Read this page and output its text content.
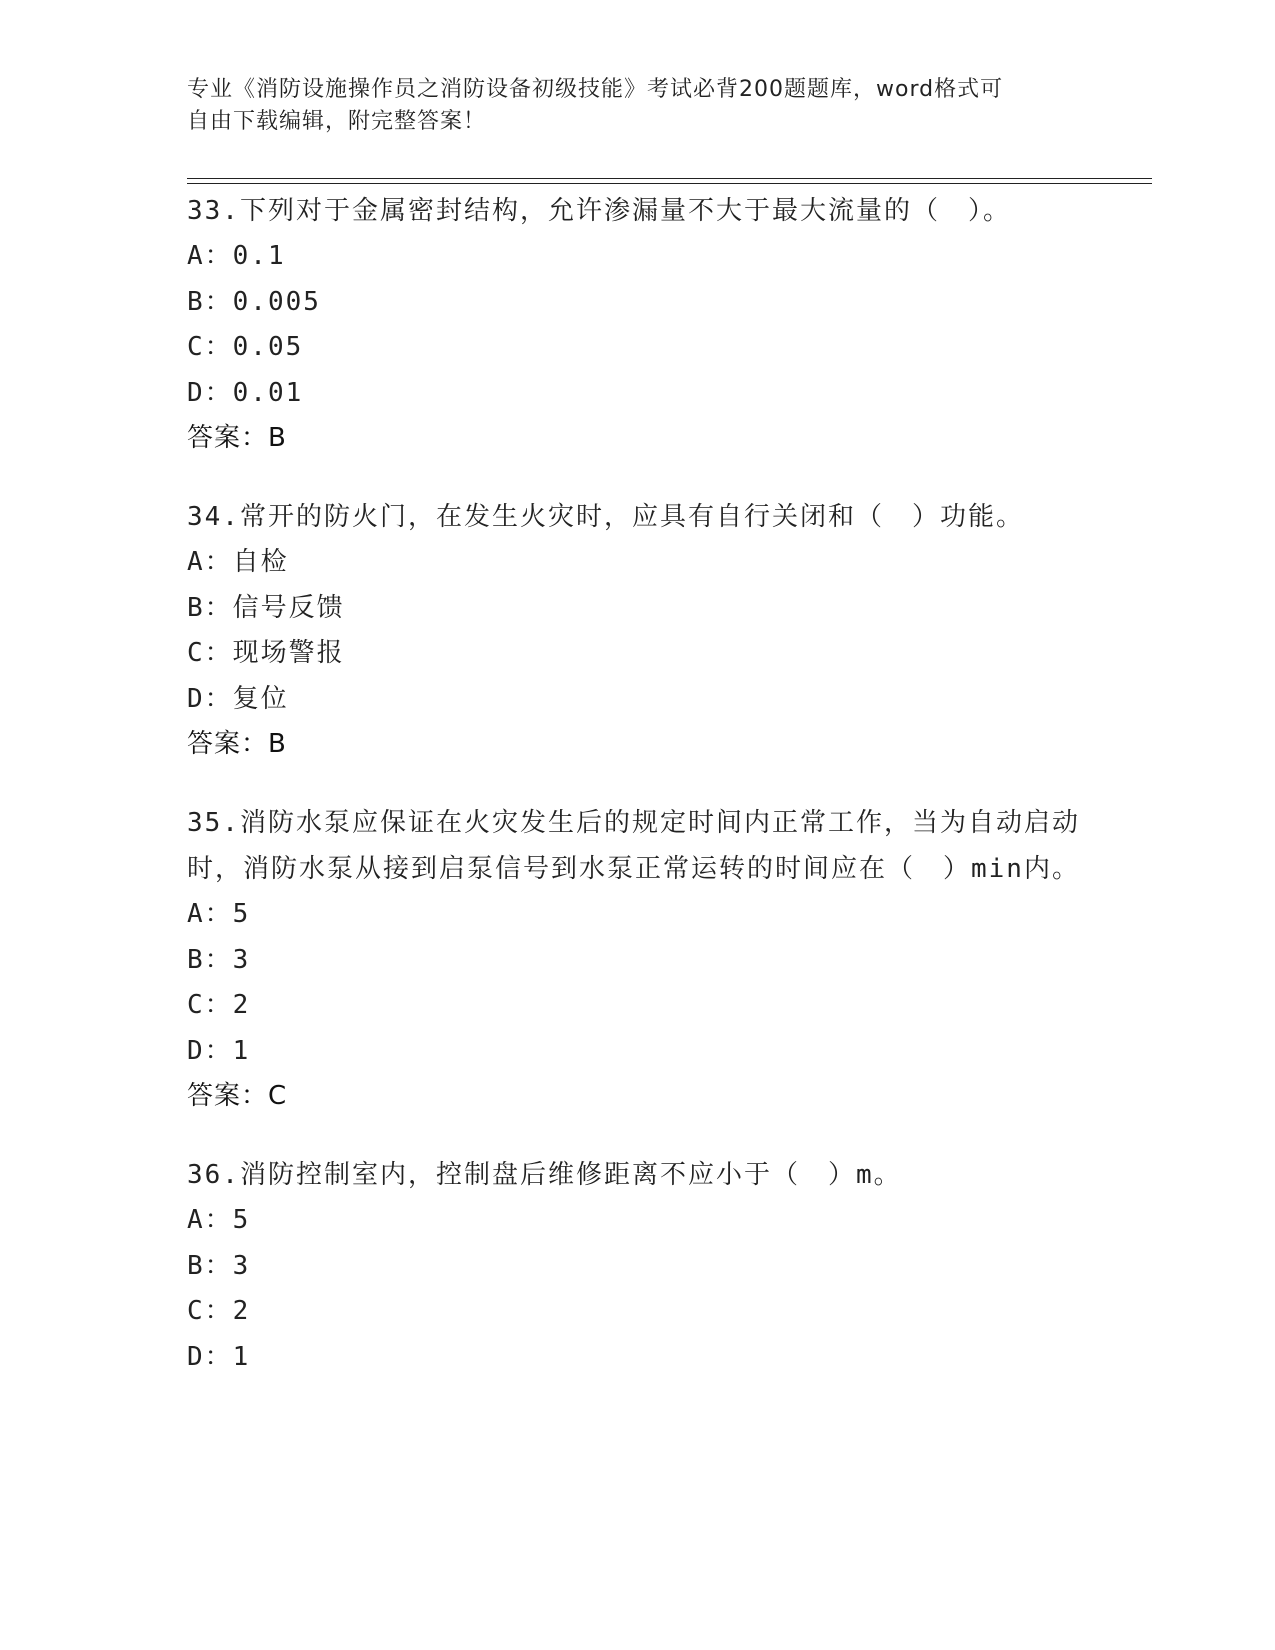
专业《消防设施操作员之消防设备初级技能》考试必背200题题库，word格式可
自由下载编辑，附完整答案！
33.下列对于金属密封结构，允许渗漏量不大于最大流量的（　）。
A：0.1
B：0.005
C：0.05
D：0.01
答案：B
34.常开的防火门，在发生火灾时，应具有自行关闭和（　）功能。
A：自检
B：信号反馈
C：现场警报
D：复位
答案：B
35.消防水泵应保证在火灾发生后的规定时间内正常工作，当为自动启动时，消防水泵从接到启泵信号到水泵正常运转的时间应在（　）min内。
A：5
B：3
C：2
D：1
答案：C
36.消防控制室内，控制盘后维修距离不应小于（　）m。
A：5
B：3
C：2
D：1
